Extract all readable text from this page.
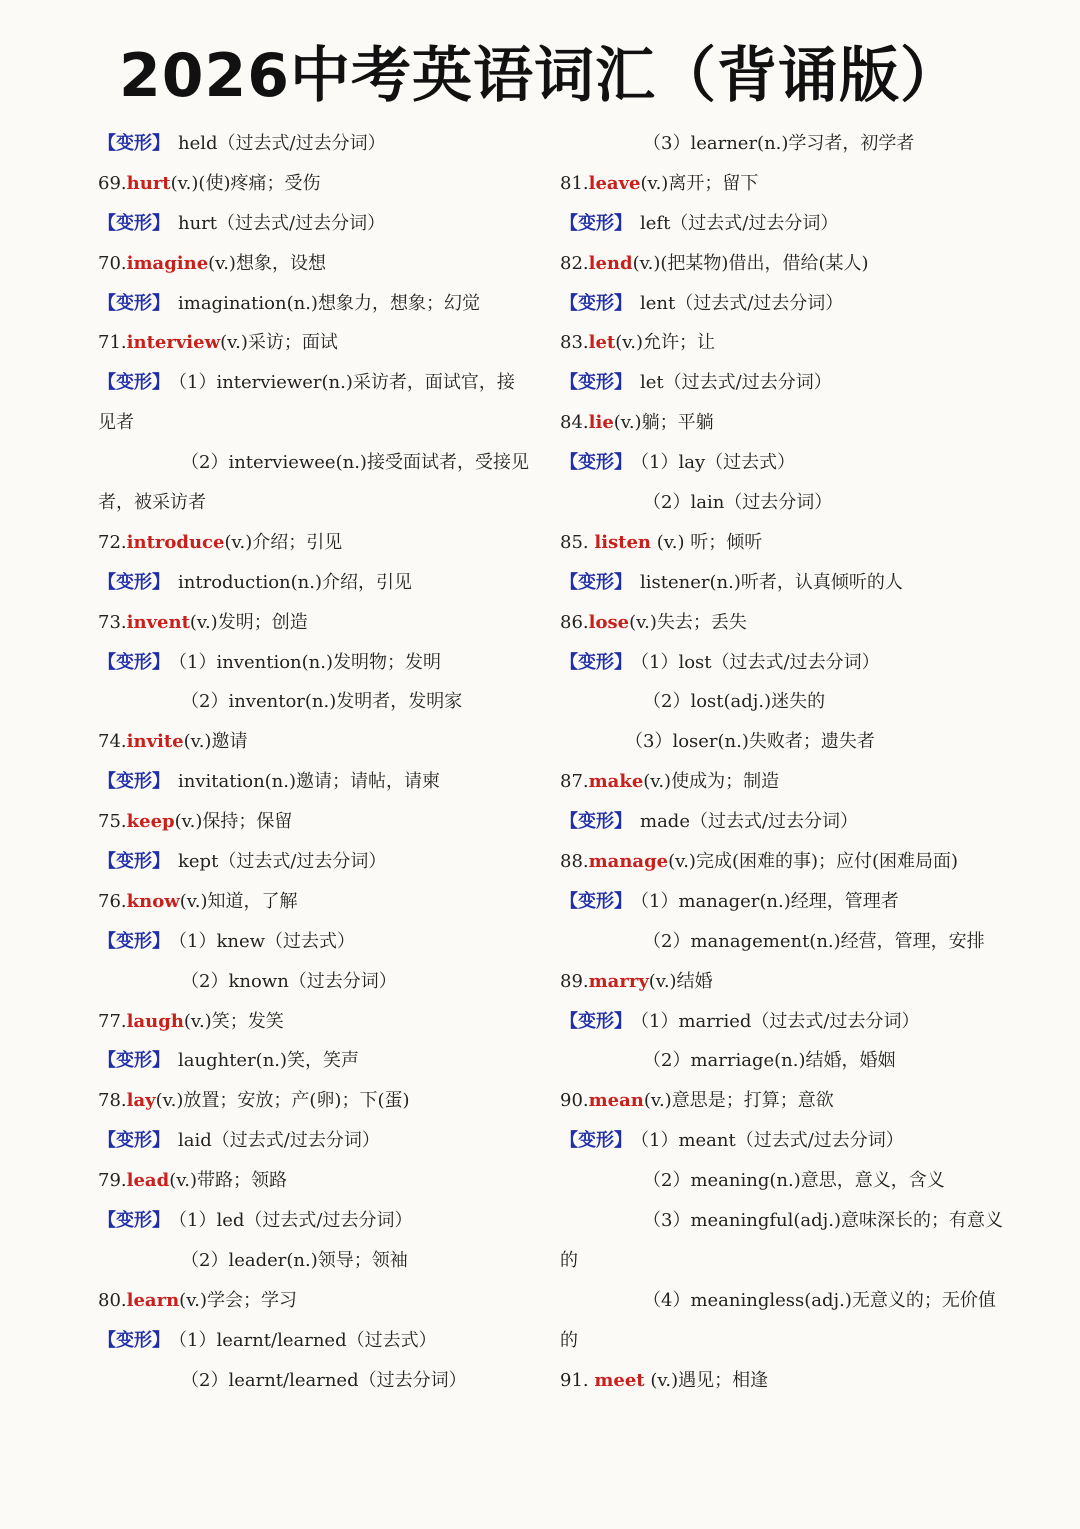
2026中考英语词汇（背诵版）
【变形】 held（过去式/过去分词）
69.hurt(v.)(使)疼痛；受伤
【变形】 hurt（过去式/过去分词）
70.imagine(v.)想象，设想
【变形】 imagination(n.)想象力，想象；幻觉
71.interview(v.)采访；面试
【变形】 （1）interviewer(n.)采访者，面试官，接
见者
（2）interviewee(n.)接受面试者，受接见
者，被采访者
72.introduce(v.)介绍；引见
【变形】 introduction(n.)介绍，引见
73.invent(v.)发明；创造
【变形】 （1）invention(n.)发明物；发明
（2）inventor(n.)发明者，发明家
74.invite(v.)邀请
【变形】 invitation(n.)邀请；请帖，请柬
75.keep(v.)保持；保留
【变形】 kept（过去式/过去分词）
76.know(v.)知道，了解
【变形】 （1）knew（过去式）
（2）known（过去分词）
77.laugh(v.)笑；发笑
【变形】 laughter(n.)笑，笑声
78.lay(v.)放置；安放；产(卵)；下(蛋)
【变形】 laid（过去式/过去分词）
79.lead(v.)带路；领路
【变形】 （1）led（过去式/过去分词）
（2）leader(n.)领导；领袖
80.learn(v.)学会；学习
【变形】 （1）learnt/learned（过去式）
（2）learnt/learned（过去分词）
（3）learner(n.)学习者，初学者
81.leave(v.)离开；留下
【变形】 left（过去式/过去分词）
82.lend(v.)(把某物)借出，借给(某人)
【变形】 lent（过去式/过去分词）
83.let(v.)允许；让
【变形】 let（过去式/过去分词）
84.lie(v.)躺；平躺
【变形】 （1）lay（过去式）
（2）lain（过去分词）
85. listen (v.) 听；倾听
【变形】 listener(n.)听者，认真倾听的人
86.lose(v.)失去；丢失
【变形】 （1）lost（过去式/过去分词）
（2）lost(adj.)迷失的
（3）loser(n.)失败者；遗失者
87.make(v.)使成为；制造
【变形】 made（过去式/过去分词）
88.manage(v.)完成(困难的事)；应付(困难局面)
【变形】 （1）manager(n.)经理，管理者
（2）management(n.)经营，管理，安排
89.marry(v.)结婚
【变形】 （1）married（过去式/过去分词）
（2）marriage(n.)结婚，婚姻
90.mean(v.)意思是；打算；意欲
【变形】 （1）meant（过去式/过去分词）
（2）meaning(n.)意思，意义，含义
（3）meaningful(adj.)意味深长的；有意义
的
（4）meaningless(adj.)无意义的；无价值
的
91. meet (v.)遇见；相逢
